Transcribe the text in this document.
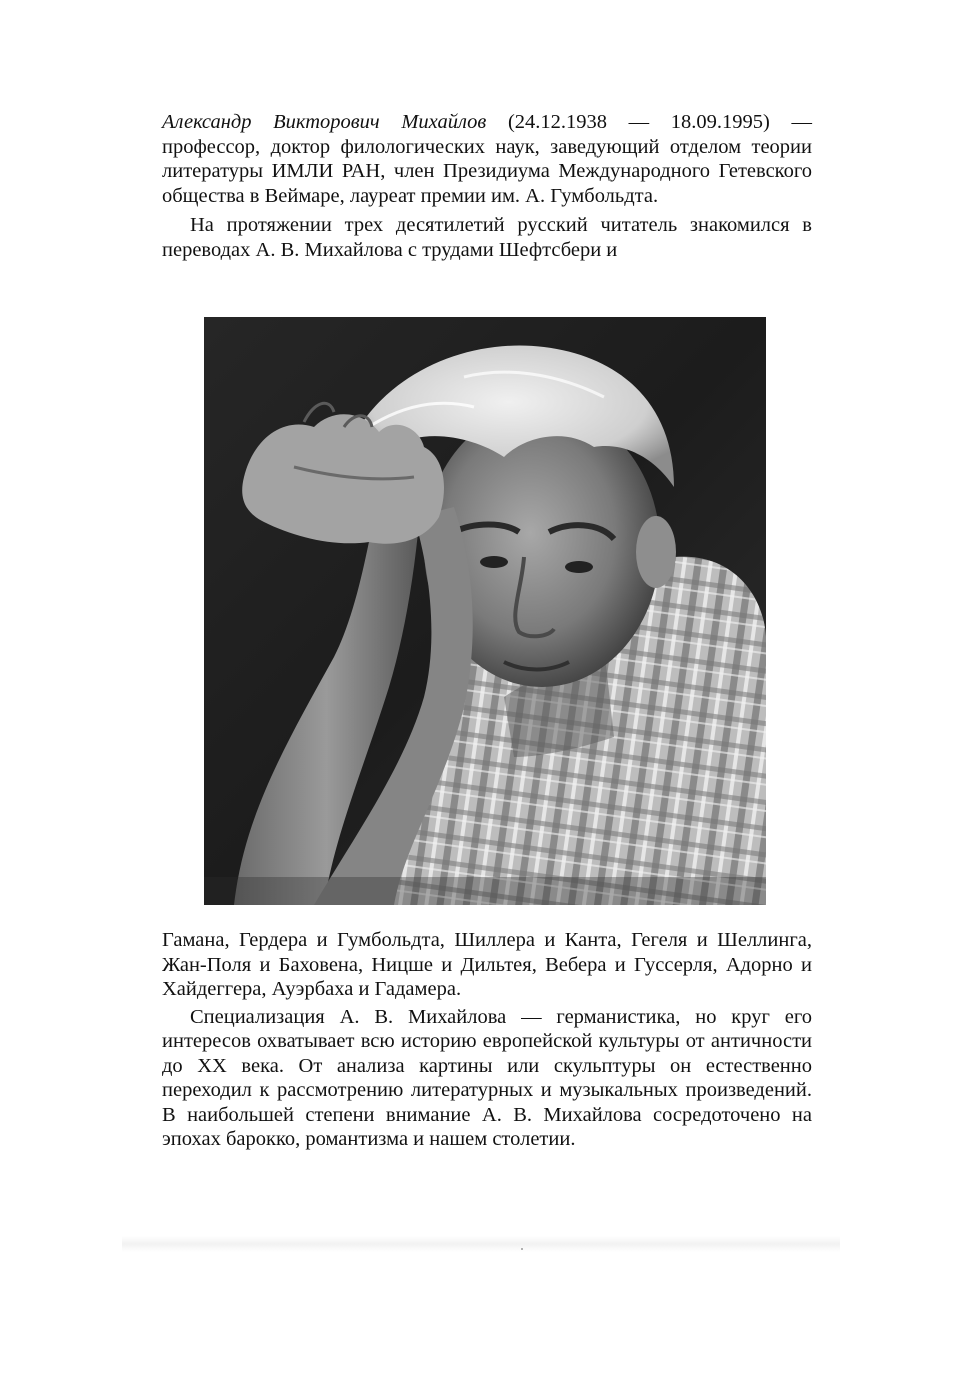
Александр Викторович Михайлов (24.12.1938 — 18.09.1995) — профессор, доктор филологических наук, заведующий отделом теории литературы ИМЛИ РАН, член Президиума Международного Гетевского общества в Веймаре, лауреат премии им. А. Гумбольдта.

На протяжении трех десятилетий русский читатель знакомился в переводах А. В. Михайлова с трудами Шефтсбери и

Гамана, Гердера и Гумбольдта, Шиллера и Канта, Гегеля и Шеллинга, Жан-Поля и Баховена, Ницше и Дильтея, Вебера и Гуссерля, Адорно и Хайдеггера, Ауэрбаха и Гадамера.

Специализация А. В. Михайлова — германистика, но круг его интересов охватывает всю историю европейской культуры от античности до XX века. От анализа картины или скульптуры он естественно переходил к рассмотрению литературных и музыкальных произведений. В наибольшей степени внимание А. В. Михайлова сосредоточено на эпохах барокко, романтизма и нашем столетии.
